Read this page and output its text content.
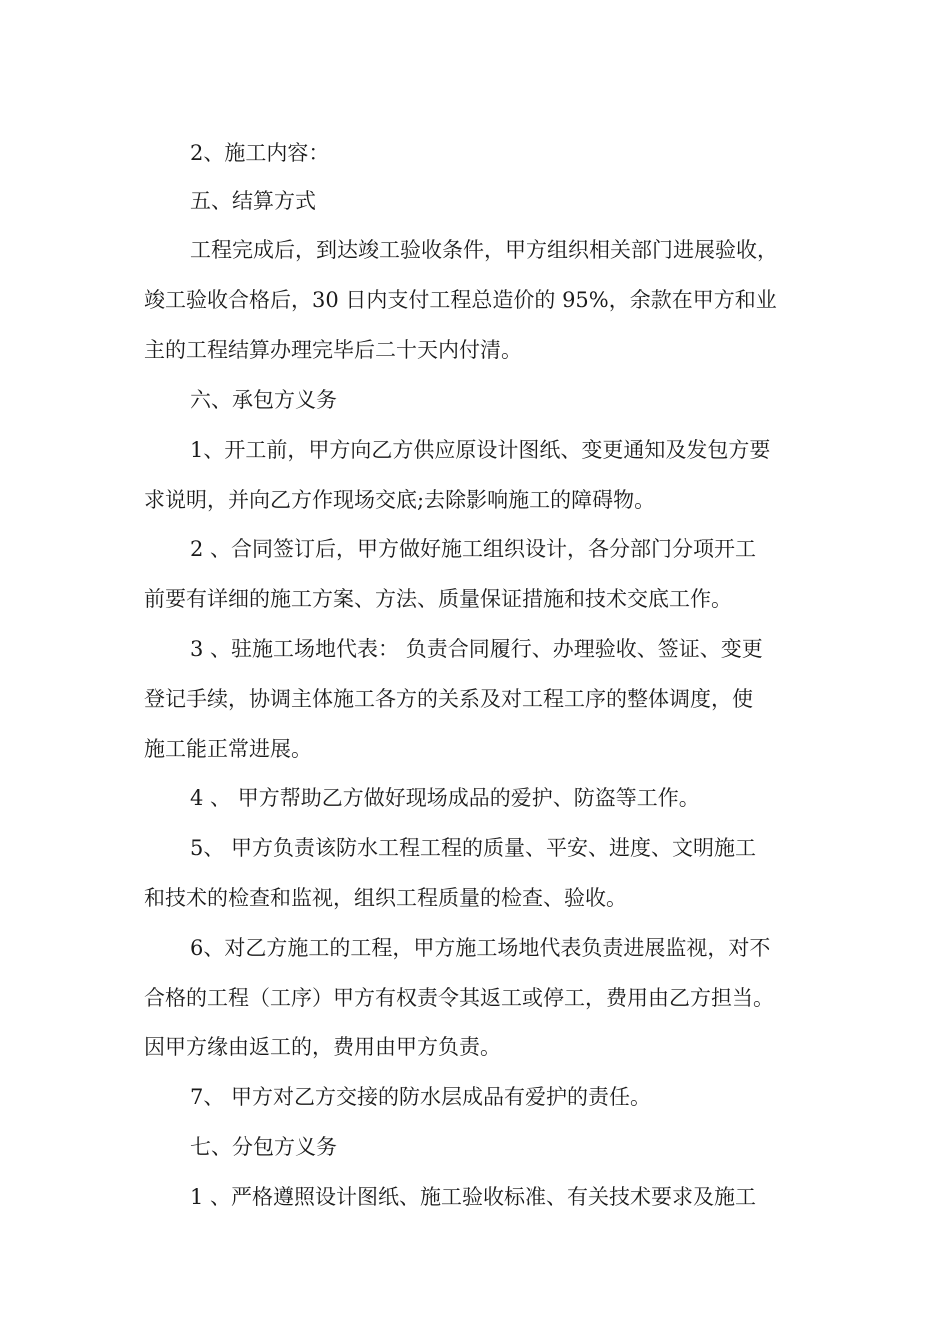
2、施工内容：
五、结算方式
工程完成后，到达竣工验收条件，甲方组织相关部门进展验收，
竣工验收合格后，30 日内支付工程总造价的 95%，余款在甲方和业
主的工程结算办理完毕后二十天内付清。
六、承包方义务
1、开工前，甲方向乙方供应原设计图纸、变更通知及发包方要
求说明，并向乙方作现场交底;去除影响施工的障碍物。
2 、合同签订后，甲方做好施工组织设计，各分部门分项开工
前要有详细的施工方案、方法、质量保证措施和技术交底工作。
3 、驻施工场地代表： 负责合同履行、办理验收、签证、变更
登记手续，协调主体施工各方的关系及对工程工序的整体调度，使
施工能正常进展。
4 、 甲方帮助乙方做好现场成品的爱护、防盗等工作。
5、 甲方负责该防水工程工程的质量、平安、进度、文明施工
和技术的检查和监视，组织工程质量的检查、验收。
6、对乙方施工的工程，甲方施工场地代表负责进展监视，对不
合格的工程（工序）甲方有权责令其返工或停工，费用由乙方担当。
因甲方缘由返工的，费用由甲方负责。
7、 甲方对乙方交接的防水层成品有爱护的责任。
七、分包方义务
1 、严格遵照设计图纸、施工验收标准、有关技术要求及施工
